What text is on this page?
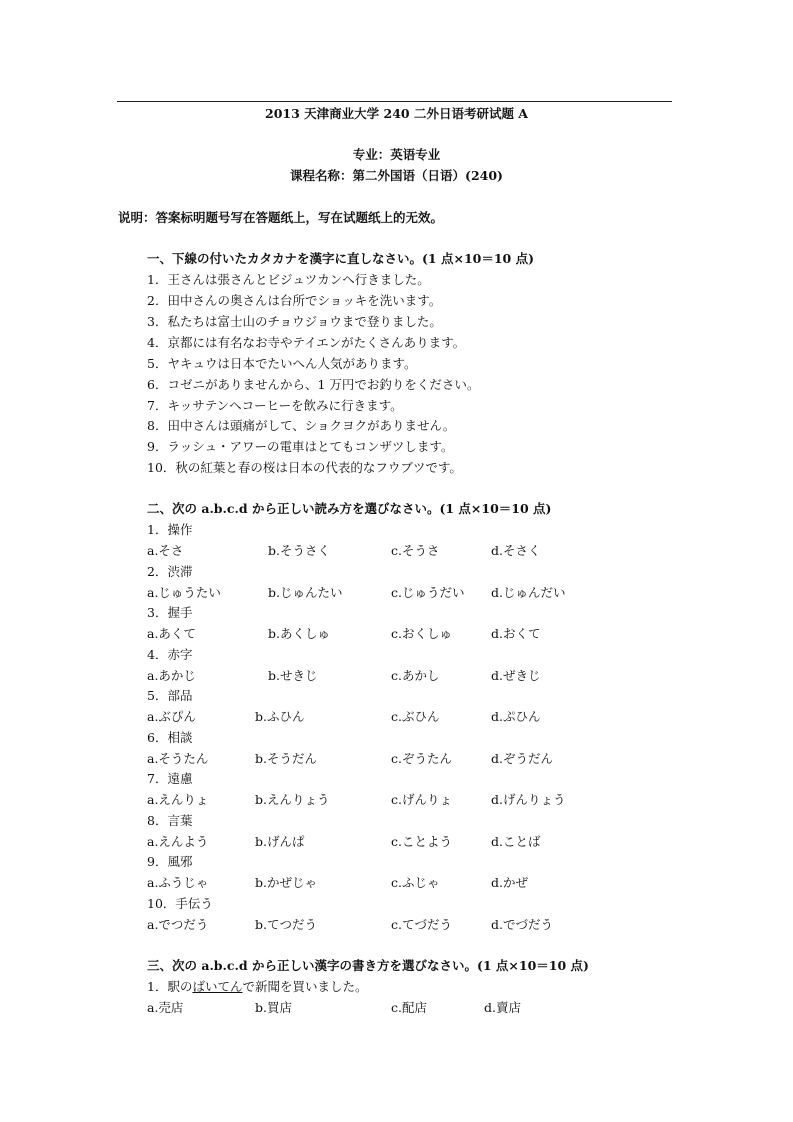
2013 天津商业大学 240 二外日语考研试题 A
专业：英语专业
课程名称：第二外国语（日语）(240)
说明：答案标明题号写在答题纸上，写在试题纸上的无效。
一、下線の付いたカタカナを漢字に直しなさい。(1 点×10＝10 点)
1．王さんは張さんとビジュツカンへ行きました。
2．田中さんの奥さんは台所でショッキを洗います。
3．私たちは富士山のチョウジョウまで登りました。
4．京都には有名なお寺やテイエンがたくさんあります。
5．ヤキュウは日本でたいへん人気があります。
6．コゼニがありませんから、1 万円でお釣りをください。
7．キッサテンへコーヒーを飲みに行きます。
8．田中さんは頭痛がして、ショクヨクがありません。
9．ラッシュ・アワーの電車はとてもコンザツします。
10．秋の紅葉と春の桜は日本の代表的なフウブツです。
二、次の a.b.c.d から正しい読み方を選びなさい。(1 点×10＝10 点)
1．操作
a.そさ	b.そうさく	c.そうさ	d.そさく
2．渋滞
a.じゅうたい	b.じゅんたい	c.じゅうだい d.じゅんだい
3．握手
a.あくて	b.あくしゅ	c.おくしゅ	d.おくて
4．赤字
a.あかじ	b.せきじ	c.あかし	d.ぜきじ
5．部品
a.ぶぴん	b.ふひん	c.ぶひん	d.ぷひん
6．相談
a.そうたん	b.そうだん	c.ぞうたん	d.ぞうだん
7．遠慮
a.えんりょ	b.えんりょう	c.げんりょ	d.げんりょう
8．言葉
a.えんよう	b.げんぱ	c.ことよう	d.ことば
9．風邪
a.ふうじゃ	b.かぜじゃ	c.ふじゃ	d.かぜ
10．手伝う
a.でつだう	b.てつだう	c.てづだう	d.でづだう
三、次の a.b.c.d から正しい漢字の書き方を選びなさい。(1 点×10＝10 点)
1．駅のばいてんで新聞を買いました。
a.売店	b.買店	c.配店	d.賣店
